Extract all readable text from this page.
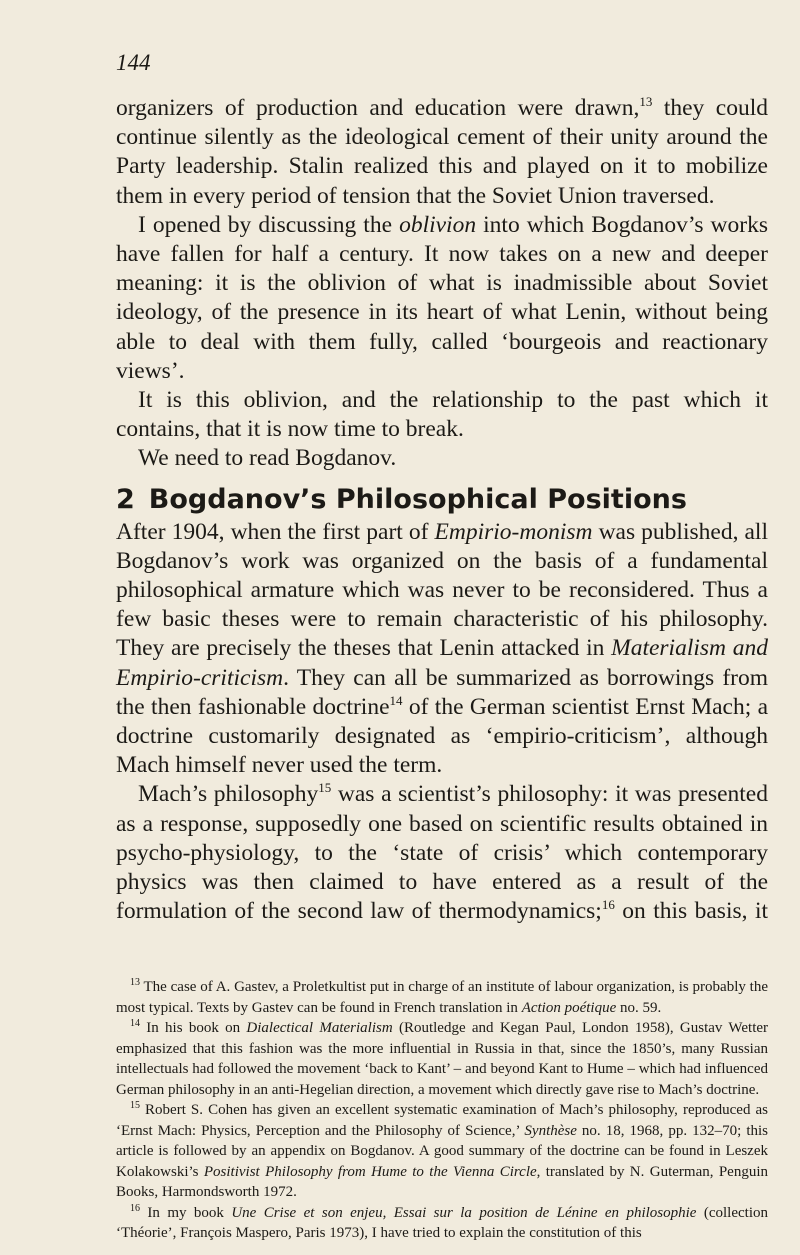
144

organizers of production and education were drawn,$^{13}$ they could continue silently as the ideological cement of their unity around the Party leadership. Stalin realized this and played on it to mobilize them in every period of tension that the Soviet Union traversed.

I opened by discussing the oblivion into which Bogdanov’s works have fallen for half a century. It now takes on a new and deeper meaning: it is the oblivion of what is inadmissible about Soviet ideology, of the presence in its heart of what Lenin, without being able to deal with them fully, called ‘bourgeois and reactionary views’.

It is this oblivion, and the relationship to the past which it contains, that it is now time to break.

We need to read Bogdanov.

2 Bogdanov’s Philosophical Positions

After 1904, when the first part of Empirio-monism was published, all Bogdanov’s work was organized on the basis of a fundamental philosophical armature which was never to be reconsidered. Thus a few basic theses were to remain characteristic of his philosophy. They are precisely the theses that Lenin attacked in Materialism and Empirio-criticism. They can all be summarized as borrowings from the then fashionable doctrine$^{14}$ of the German scientist Ernst Mach; a doctrine customarily designated as ‘empirio-criticism’, although Mach himself never used the term.

Mach’s philosophy$^{15}$ was a scientist’s philosophy: it was presented as a response, supposedly one based on scientific results obtained in psycho-physiology, to the ‘state of crisis’ which contemporary physics was then claimed to have entered as a result of the formulation of the second law of thermodynamics;$^{16}$ on this basis, it

$^{13}$ The case of A. Gastev, a Proletkultist put in charge of an institute of labour organization, is probably the most typical. Texts by Gastev can be found in French translation in Action poétique no. 59.

$^{14}$ In his book on Dialectical Materialism (Routledge and Kegan Paul, London 1958), Gustav Wetter emphasized that this fashion was the more influential in Russia in that, since the 1850’s, many Russian intellectuals had followed the movement ‘back to Kant’ – and beyond Kant to Hume – which had influenced German philosophy in an anti-Hegelian direction, a movement which directly gave rise to Mach’s doctrine.

$^{15}$ Robert S. Cohen has given an excellent systematic examination of Mach’s philosophy, reproduced as ‘Ernst Mach: Physics, Perception and the Philosophy of Science,’ Synthèse no. 18, 1968, pp. 132–70; this article is followed by an appendix on Bogdanov. A good summary of the doctrine can be found in Leszek Kolakowski’s Positivist Philosophy from Hume to the Vienna Circle, translated by N. Guterman, Penguin Books, Harmondsworth 1972.

$^{16}$ In my book Une Crise et son enjeu, Essai sur la position de Lénine en philosophie (collection ‘Théorie’, François Maspero, Paris 1973), I have tried to explain the constitution of this
